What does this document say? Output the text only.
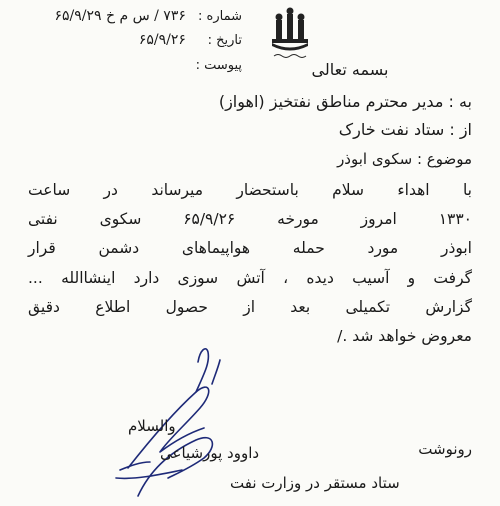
شماره : ۷۳۶ / س م خ ۶۵/۹/۲۹
تاریخ : ۶۵/۹/۲۶
پیوست :	بسمه تعالی
به : مدیر محترم مناطق نفتخیز (اهواز)
از : ستاد نفت خارک
موضوع : سکوی ابوذر
با اهداء سلام باستحضار میرساند در ساعت
۱۳۳۰ امروز مورخه ۶۵/۹/۲۶ سکوی نفتی
ابوذر مورد حمله هواپیماهای دشمن قرار
گرفت و آسیب دیده ، آتش سوزی دارد اینشاالله ...
گزارش تکمیلی بعد از حصول اطلاع دقیق
معروض خواهد شد ./
والسلام
داوود پورشیاعی	رونوشت
ستاد مستقر در وزارت نفت
